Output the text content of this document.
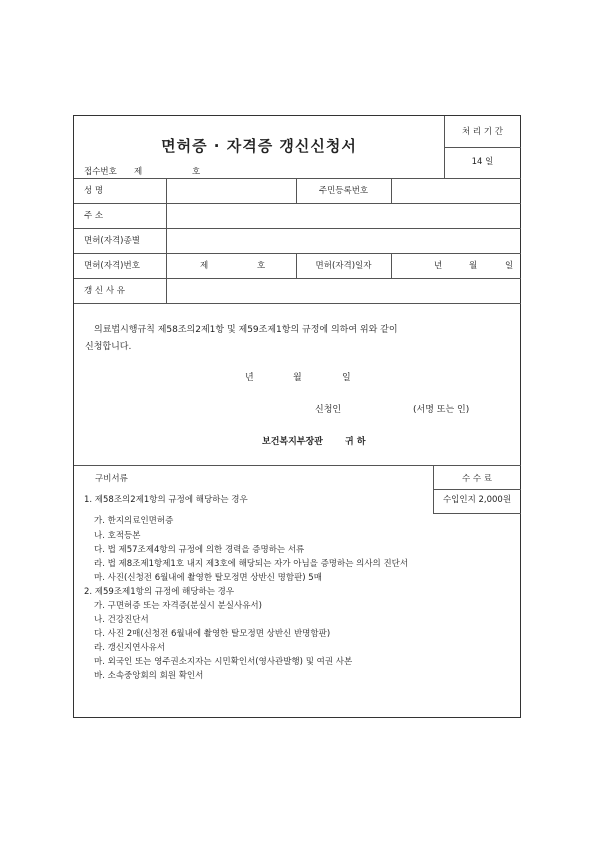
면허증 · 자격증 갱신신청서
접수번호 제	호
처 리 기 간
14 일
성 명	주민등록번호
주 소
면허(자격)종별
면허(자격)번호	제	호	면허(자격)일자	년	월	일
갱 신 사 유
의료법시행규칙 제58조의2제1항 및 제59조제1항의 규정에 의하여 위와 같이
신청합니다.
년	월	일
신청인	(서명 또는 인)
보건복지부장관 귀 하
구비서류	수 수 료
수입인지 2,000원
1. 제58조의2제1항의 규정에 해당하는 경우
가. 한지의료인면허증
나. 호적등본
다. 법 제57조제4항의 규정에 의한 경력을 증명하는 서류
라. 법 제8조제1항제1호 내지 제3호에 해당되는 자가 아님을 증명하는 의사의 진단서
마. 사진(신청전 6월내에 촬영한 탈모정면 상반신 명함판) 5매
2. 제59조제1항의 규정에 해당하는 경우
가. 구면허증 또는 자격증(분실시 분실사유서)
나. 건강진단서
다. 사진 2매(신청전 6월내에 촬영한 탈모정면 상반신 반명함판)
라. 갱신지연사유서
마. 외국인 또는 영주권소지자는 시민확인서(영사관발행) 및 여권 사본
바. 소속중앙회의 회원 확인서
